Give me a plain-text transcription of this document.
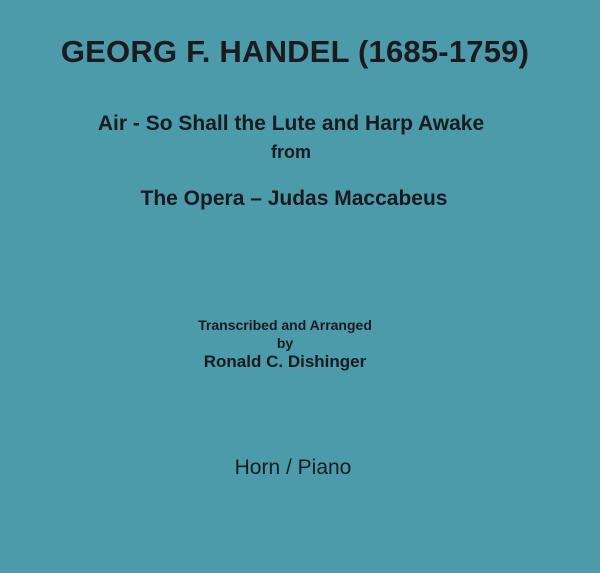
GEORG F. HANDEL (1685-1759)
Air - So Shall the Lute and Harp Awake
from
The Opera – Judas Maccabeus
Transcribed and Arranged
by
Ronald C. Dishinger
Horn / Piano
